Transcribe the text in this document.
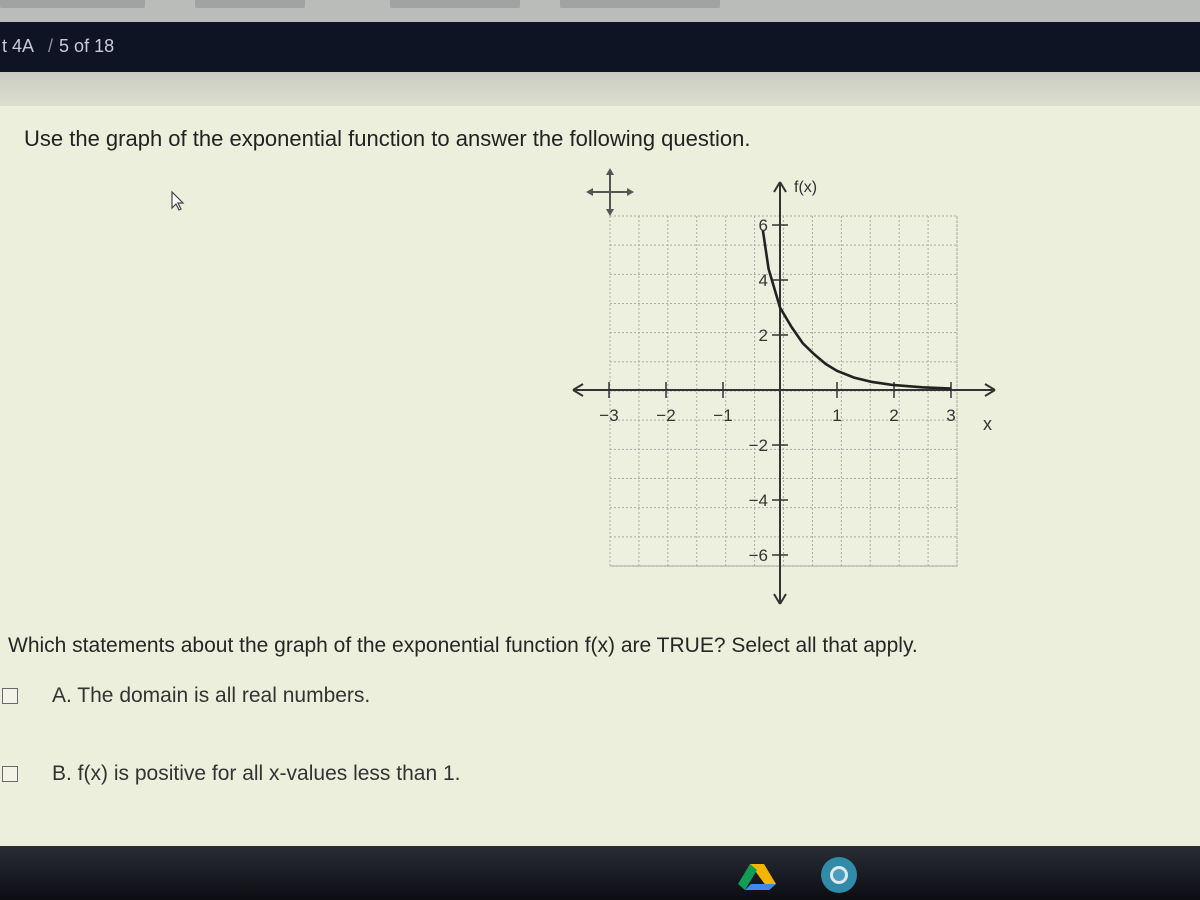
t 4A / 5 of 18
Use the graph of the exponential function to answer the following question.
x
f(x)
−3 −2 −1	1	2	3
6
4
2
−2
−4
−6
Which statements about the graph of the exponential function f(x) are TRUE? Select all that apply.
A. The domain is all real numbers.
B. f(x) is positive for all x-values less than 1.
